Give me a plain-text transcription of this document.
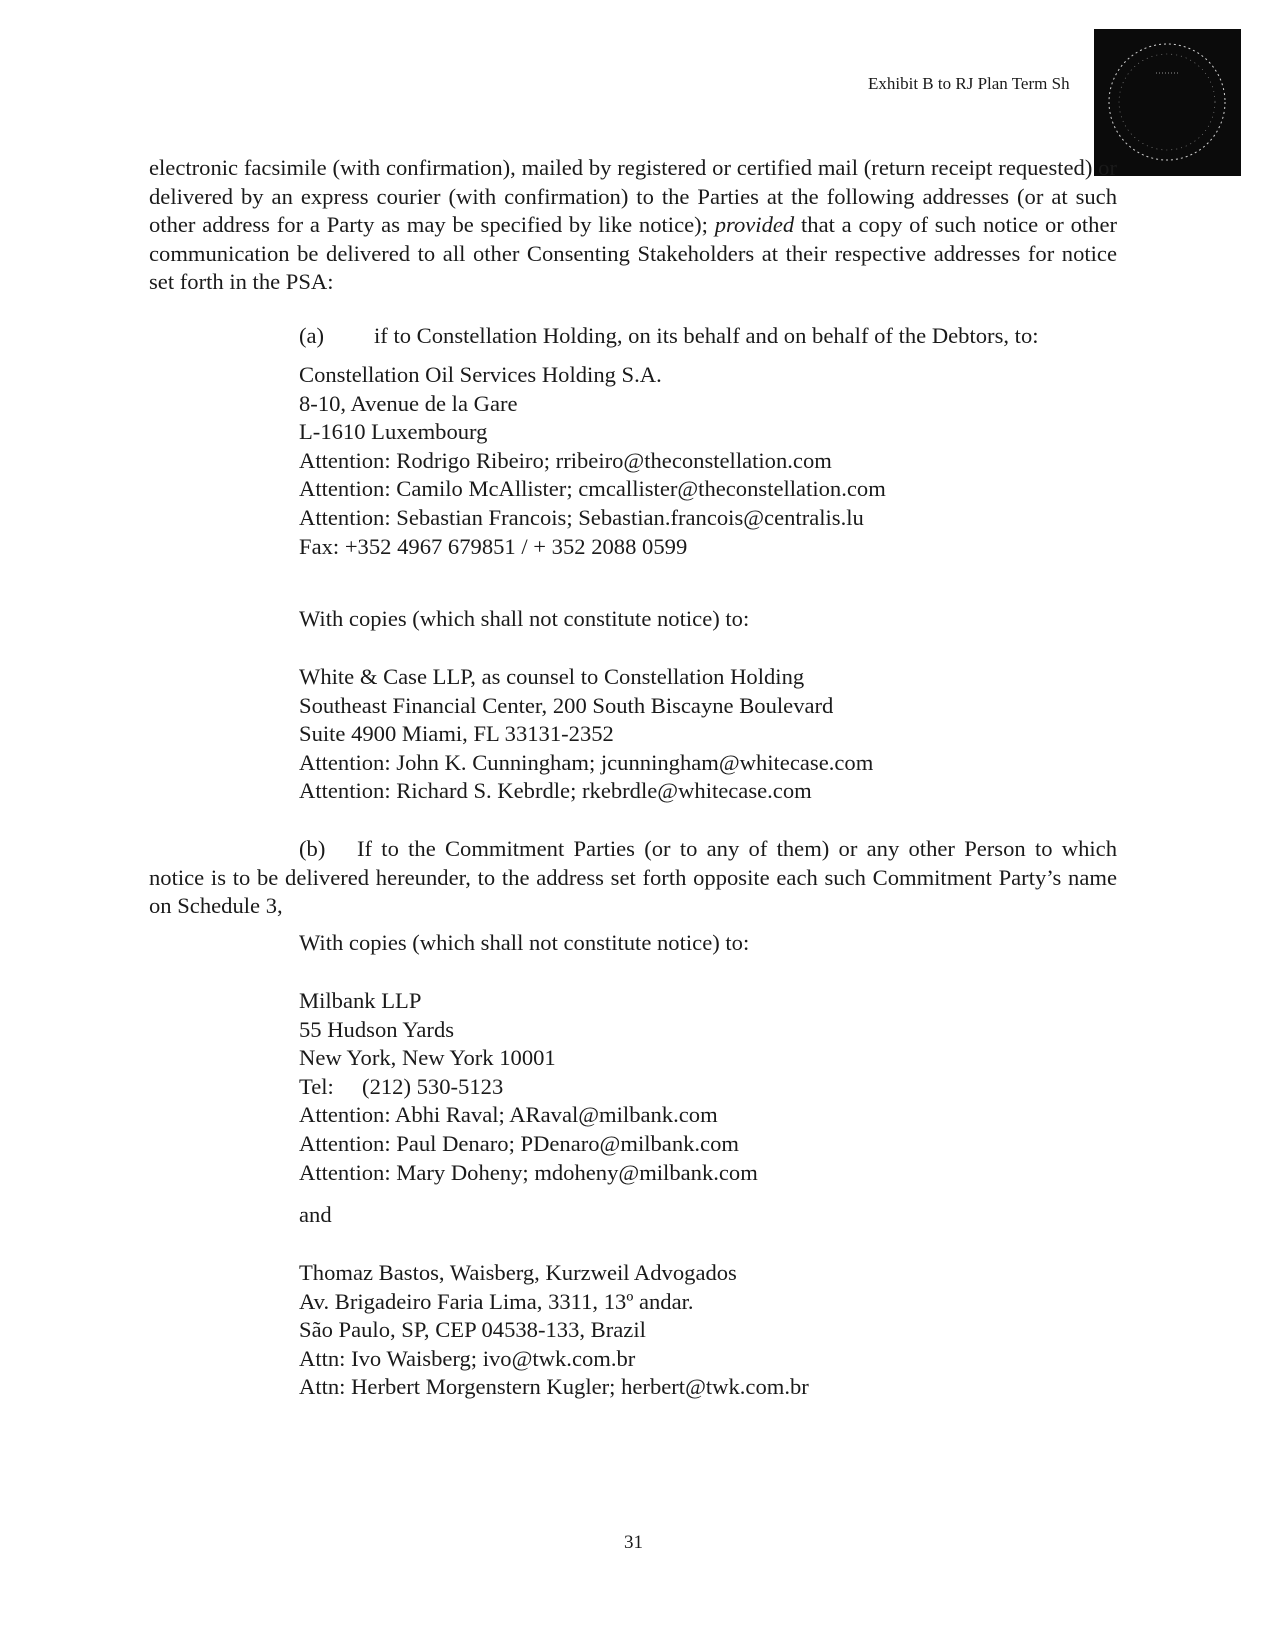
Exhibit B to RJ Plan Term Sh
electronic facsimile (with confirmation), mailed by registered or certified mail (return receipt requested) or delivered by an express courier (with confirmation) to the Parties at the following addresses (or at such other address for a Party as may be specified by like notice); provided that a copy of such notice or other communication be delivered to all other Consenting Stakeholders at their respective addresses for notice set forth in the PSA:
(a) if to Constellation Holding, on its behalf and on behalf of the Debtors, to:
Constellation Oil Services Holding S.A.
8-10, Avenue de la Gare
L-1610 Luxembourg
Attention: Rodrigo Ribeiro; rribeiro@theconstellation.com
Attention: Camilo McAllister; cmcallister@theconstellation.com
Attention: Sebastian Francois; Sebastian.francois@centralis.lu
Fax: +352 4967 679851 / + 352 2088 0599
With copies (which shall not constitute notice) to:
White & Case LLP, as counsel to Constellation Holding
Southeast Financial Center, 200 South Biscayne Boulevard
Suite 4900 Miami, FL 33131-2352
Attention: John K. Cunningham; jcunningham@whitecase.com
Attention: Richard S. Kebrdle; rkebrdle@whitecase.com
(b) If to the Commitment Parties (or to any of them) or any other Person to which notice is to be delivered hereunder, to the address set forth opposite each such Commitment Party’s name on Schedule 3,
With copies (which shall not constitute notice) to:
Milbank LLP
55 Hudson Yards
New York, New York 10001
Tel:     (212) 530-5123
Attention: Abhi Raval; ARaval@milbank.com
Attention: Paul Denaro; PDenaro@milbank.com
Attention: Mary Doheny; mdoheny@milbank.com
and
Thomaz Bastos, Waisberg, Kurzweil Advogados
Av. Brigadeiro Faria Lima, 3311, 13º andar.
São Paulo, SP, CEP 04538-133, Brazil
Attn: Ivo Waisberg; ivo@twk.com.br
Attn: Herbert Morgenstern Kugler; herbert@twk.com.br
31
